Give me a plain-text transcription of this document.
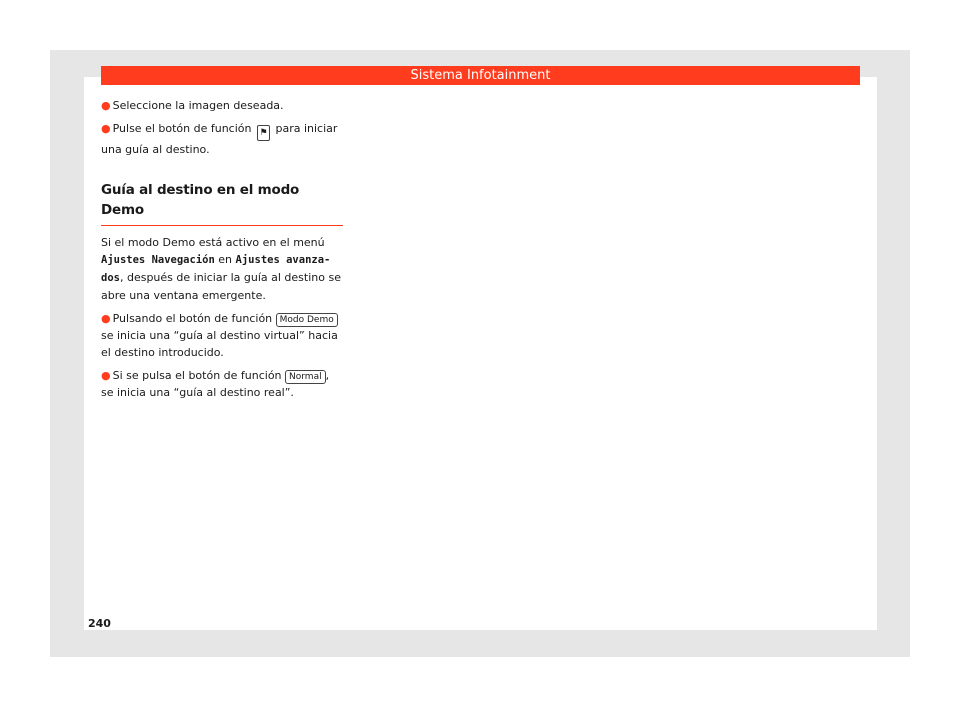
Sistema Infotainment

● Seleccione la imagen deseada.

● Pulse el botón de función ⚑ para iniciar una guía al destino.

Guía al destino en el modo Demo

Si el modo Demo está activo en el menú Ajustes Navegación en Ajustes avanza-dos, después de iniciar la guía al destino se abre una ventana emergente.

● Pulsando el botón de función Modo Demo se inicia una “guía al destino virtual” hacia el destino introducido.

● Si se pulsa el botón de función Normal , se inicia una “guía al destino real”.

240
